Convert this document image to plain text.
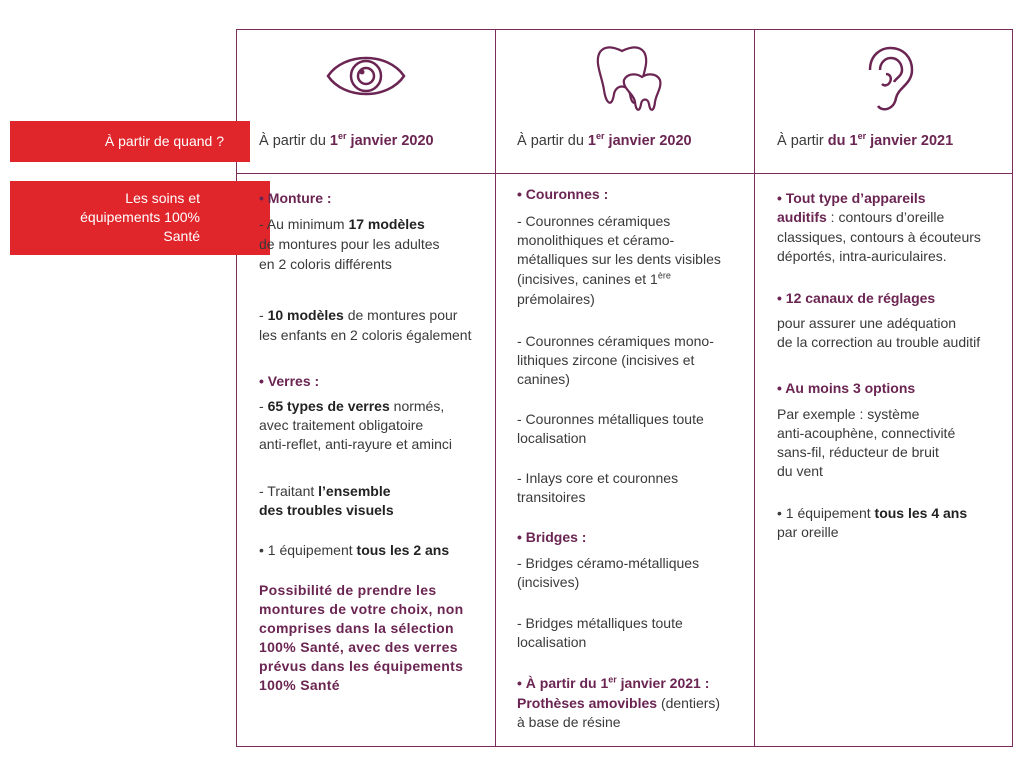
À partir de quand ?
Les soins et
équipements 100%
Santé
À partir du 1er janvier 2020	À partir du 1er janvier 2020	À partir du 1er janvier 2021
• Monture :
- Au minimum 17 modèles
de montures pour les adultes
en 2 coloris différents
- 10 modèles de montures pour
les enfants en 2 coloris également
• Verres :
- 65 types de verres normés,
avec traitement obligatoire
anti-reflet, anti-rayure et aminci
- Traitant l’ensemble
des troubles visuels
• 1 équipement tous les 2 ans
Possibilité de prendre les
montures de votre choix, non
comprises dans la sélection
100% Santé, avec des verres
prévus dans les équipements
100% Santé
• Couronnes :
- Couronnes céramiques
monolithiques et céramo-
métalliques sur les dents visibles
(incisives, canines et 1ère
prémolaires)
- Couronnes céramiques mono-
lithiques zircone (incisives et
canines)
- Couronnes métalliques toute
localisation
- Inlays core et couronnes
transitoires
• Bridges :
- Bridges céramo-métalliques
(incisives)
- Bridges métalliques toute
localisation
• À partir du 1er janvier 2021 :
Prothèses amovibles (dentiers)
à base de résine
• Tout type d’appareils
auditifs : contours d’oreille
classiques, contours à écouteurs
déportés, intra-auriculaires.
• 12 canaux de réglages
pour assurer une adéquation
de la correction au trouble auditif
• Au moins 3 options
Par exemple : système
anti-acouphène, connectivité
sans-fil, réducteur de bruit
du vent
• 1 équipement tous les 4 ans
par oreille
